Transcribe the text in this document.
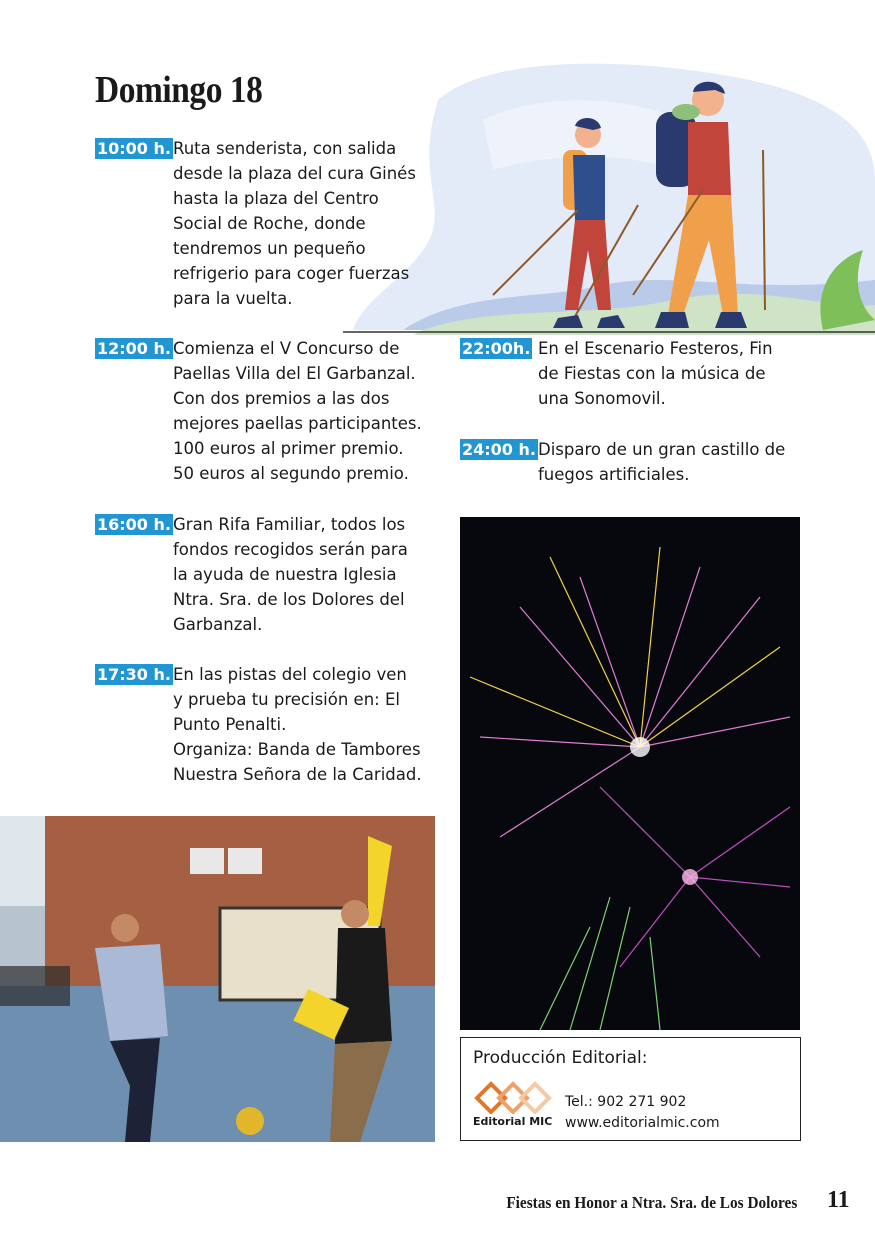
Domingo 18
10:00 h. Ruta senderista, con salida
desde la plaza del cura Ginés
hasta la plaza del Centro
Social de Roche, donde
tendremos un pequeño
refrigerio para coger fuerzas
para la vuelta.
12:00 h. Comienza el V Concurso de
Paellas Villa del El Garbanzal.
Con dos premios a las dos
mejores paellas participantes.
100 euros al primer premio.
50 euros al segundo premio.
16:00 h. Gran Rifa Familiar, todos los
fondos recogidos serán para
la ayuda de nuestra Iglesia
Ntra. Sra. de los Dolores del
Garbanzal.
17:30 h. En las pistas del colegio ven
y prueba tu precisión en: El
Punto Penalti.
Organiza: Banda de Tambores
Nuestra Señora de la Caridad.
22:00h. En el Escenario Festeros, Fin
de Fiestas con la música de
una Sonomovil.
24:00 h. Disparo de un gran castillo de
fuegos artificiales.
Producción Editorial:
Editorial MIC
Tel.: 902 271 902
www.editorialmic.com
Fiestas en Honor a Ntra. Sra. de Los Dolores 11
